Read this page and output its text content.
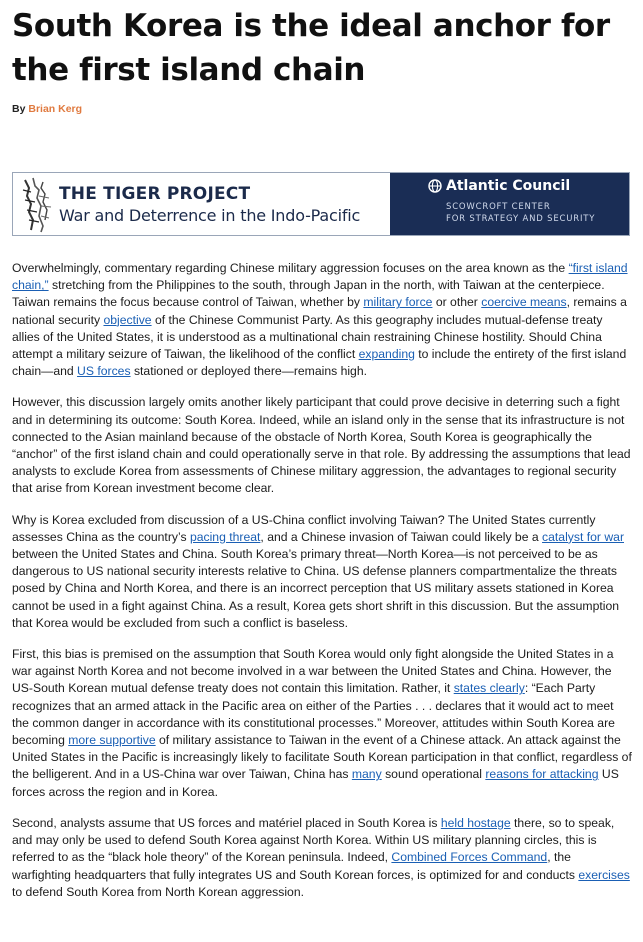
South Korea is the ideal anchor for the first island chain
By Brian Kerg
THE TIGER PROJECT
War and Deterrence in the Indo-Pacific
Atlantic Council
SCOWCROFT CENTER
FOR STRATEGY AND SECURITY

Overwhelmingly, commentary regarding Chinese military aggression focuses on the area known as the “first island chain,” stretching from the Philippines to the south, through Japan in the north, with Taiwan at the centerpiece. Taiwan remains the focus because control of Taiwan, whether by military force or other coercive means, remains a national security objective of the Chinese Communist Party. As this geography includes mutual-defense treaty allies of the United States, it is understood as a multinational chain restraining Chinese hostility. Should China attempt a military seizure of Taiwan, the likelihood of the conflict expanding to include the entirety of the first island chain—and US forces stationed or deployed there—remains high.

However, this discussion largely omits another likely participant that could prove decisive in deterring such a fight and in determining its outcome: South Korea. Indeed, while an island only in the sense that its infrastructure is not connected to the Asian mainland because of the obstacle of North Korea, South Korea is geographically the “anchor” of the first island chain and could operationally serve in that role. By addressing the assumptions that lead analysts to exclude Korea from assessments of Chinese military aggression, the advantages to regional security that arise from Korean investment become clear.

Why is Korea excluded from discussion of a US-China conflict involving Taiwan? The United States currently assesses China as the country’s pacing threat, and a Chinese invasion of Taiwan could likely be a catalyst for war between the United States and China. South Korea’s primary threat—North Korea—is not perceived to be as dangerous to US national security interests relative to China. US defense planners compartmentalize the threats posed by China and North Korea, and there is an incorrect perception that US military assets stationed in Korea cannot be used in a fight against China. As a result, Korea gets short shrift in this discussion. But the assumption that Korea would be excluded from such a conflict is baseless.

First, this bias is premised on the assumption that South Korea would only fight alongside the United States in a war against North Korea and not become involved in a war between the United States and China. However, the US-South Korean mutual defense treaty does not contain this limitation. Rather, it states clearly: “Each Party recognizes that an armed attack in the Pacific area on either of the Parties . . . declares that it would act to meet the common danger in accordance with its constitutional processes.” Moreover, attitudes within South Korea are becoming more supportive of military assistance to Taiwan in the event of a Chinese attack. An attack against the United States in the Pacific is increasingly likely to facilitate South Korean participation in that conflict, regardless of the belligerent. And in a US-China war over Taiwan, China has many sound operational reasons for attacking US forces across the region and in Korea.

Second, analysts assume that US forces and matériel placed in South Korea is held hostage there, so to speak, and may only be used to defend South Korea against North Korea. Within US military planning circles, this is referred to as the “black hole theory” of the Korean peninsula. Indeed, Combined Forces Command, the warfighting headquarters that fully integrates US and South Korean forces, is optimized for and conducts exercises to defend South Korea from North Korean aggression.
